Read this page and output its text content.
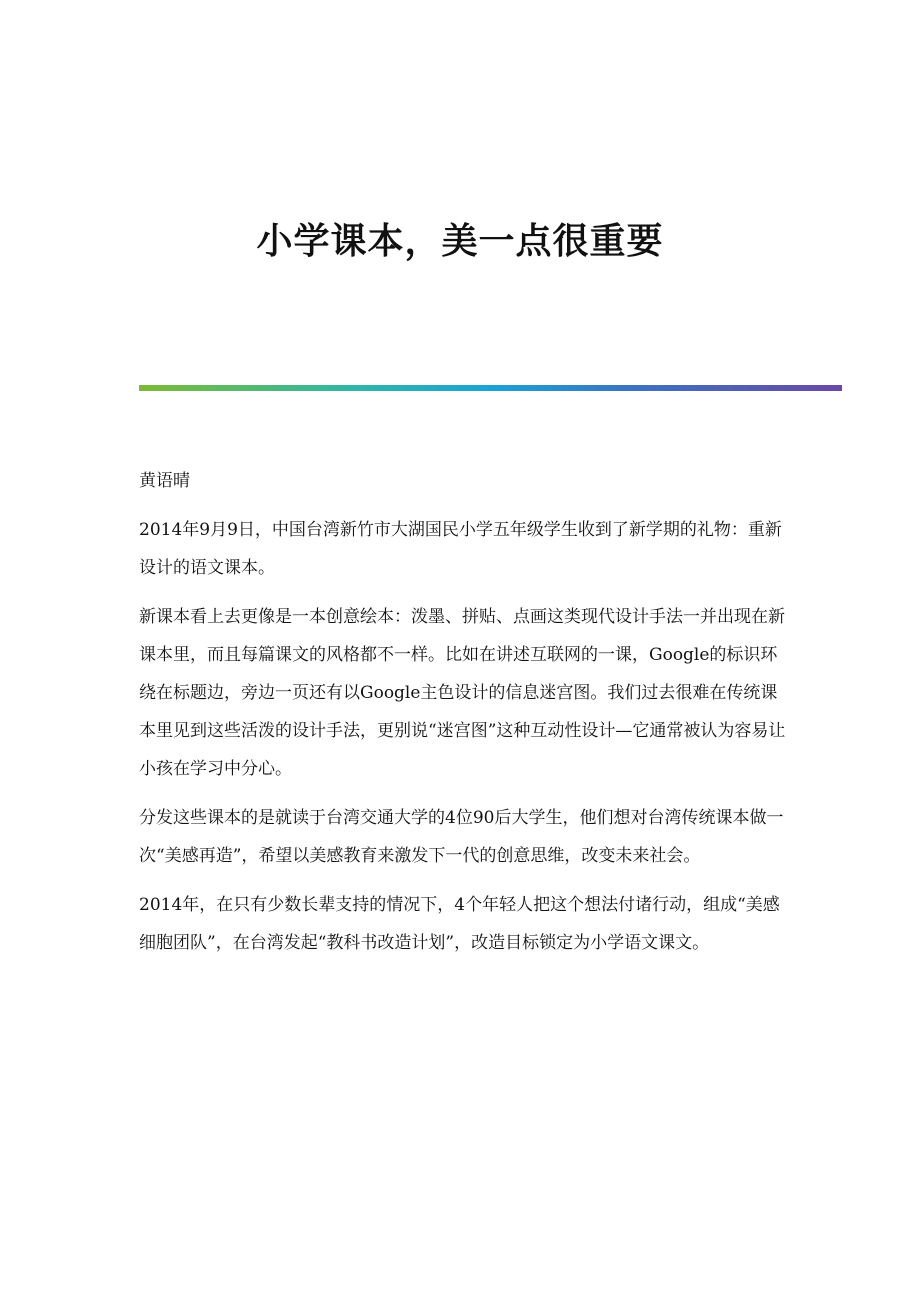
小学课本，美一点很重要

黄语晴

2014年9月9日，中国台湾新竹市大湖国民小学五年级学生收到了新学期的礼物：重新设计的语文课本。

新课本看上去更像是一本创意绘本：泼墨、拼贴、点画这类现代设计手法一并出现在新课本里，而且每篇课文的风格都不一样。比如在讲述互联网的一课，Google的标识环绕在标题边，旁边一页还有以Google主色设计的信息迷宫图。我们过去很难在传统课本里见到这些活泼的设计手法，更别说“迷宫图”这种互动性设计—它通常被认为容易让小孩在学习中分心。

分发这些课本的是就读于台湾交通大学的4位90后大学生，他们想对台湾传统课本做一次“美感再造”，希望以美感教育来激发下一代的创意思维，改变未来社会。

2014年，在只有少数长辈支持的情况下，4个年轻人把这个想法付诸行动，组成“美感细胞团队”，在台湾发起“教科书改造计划”，改造目标锁定为小学语文课文。
